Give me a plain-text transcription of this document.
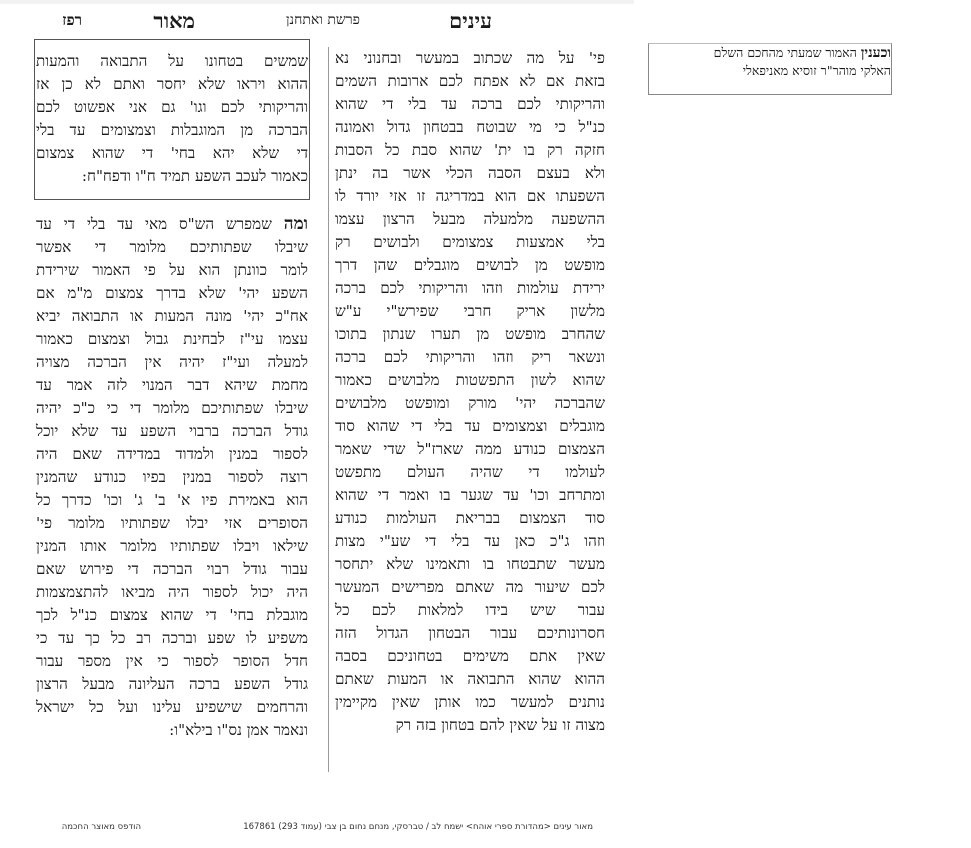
עינים
פרשת ואתחנן
מאור
רפז
פי' על מה שכתוב במעשר ובחנוני נא
בזאת אם לא אפתח לכם ארובות השמים
והריקותי לכם ברכה עד בלי די שהוא
כנ"ל כי מי שבוטח בבטחון גדול ואמונה
חזקה רק בו ית' שהוא סבת כל הסבות
ולא בעצם הסבה הכלי אשר בה ינתן
השפעתו אם הוא במדריגה זו אזי יורד לו
ההשפעה מלמעלה מבעל הרצון עצמו
בלי אמצעות צמצומים ולבושים רק
מופשט מן לבושים מוגבלים שהן דרך
ירידת עולמות וזהו והריקותי לכם ברכה
מלשון אריק חרבי שפירש"י ע"ש
שהחרב מופשט מן תערו שנתון בתוכו
ונשאר ריק וזהו והריקותי לכם ברכה
שהוא לשון התפשטות מלבושים כאמור
שהברכה יהי' מורק ומופשט מלבושים
מוגבלים וצמצומים עד בלי די שהוא סוד
הצמצום כנודע ממה שארז"ל שדי שאמר
לעולמו די שהיה העולם מתפשט
ומתרחב וכו' עד שגער בו ואמר די שהוא
סוד הצמצום בבריאת העולמות כנודע
וזהו ג"כ כאן עד בלי די שע"י מצות
מעשר שתבטחו בו ותאמינו שלא יתחסר
לכם שיעור מה שאתם מפרישים המעשר
עבור שיש בידו למלאות לכם כל
חסרונותיכם עבור הבטחון הגדול הזה
שאין אתם משימים בטחוניכם בסבה
ההוא שהוא התבואה או המעות שאתם
נותנים למעשר כמו אותן שאין מקיימין
מצוה זו על שאין להם בטחון בזה רק
שמשים בטחונו על התבואה והמעות
ההוא ויראו שלא יחסר ואתם לא כן אז
והריקותי לכם וגו' גם אני אפשוט לכם
הברכה מן המוגבלות וצמצומים עד בלי
די שלא יהא בחי' די שהוא צמצום
כאמור לעכב השפע תמיד ח"ו ודפח"ח:
ומה שמפרש הש"ס מאי עד בלי די עד
שיבלו שפתותיכם מלומר די אפשר
לומר כוונתן הוא על פי האמור שירידת
השפע יהי' שלא בדרך צמצום מ"מ אם
אח"כ יהי' מונה המעות או התבואה יביא
עצמו עי"ז לבחינת גבול וצמצום כאמור
למעלה ועי"ז יהיה אין הברכה מצויה
מחמת שיהא דבר המנוי לזה אמר עד
שיבלו שפתותיכם מלומר די כי כ"כ יהיה
גודל הברכה ברבוי השפע עד שלא יוכל
לספור במנין ולמדוד במדידה שאם היה
רוצה לספור במנין בפיו כנודע שהמנין
הוא באמירת פיו א' ב' ג' וכו' כדרך כל
הסופרים אזי יבלו שפתותיו מלומר פי'
שילאו ויבלו שפתותיו מלומר אותו המנין
עבור גודל רבוי הברכה די פירוש שאם
היה יכול לספור היה מביאו להתצמצמות
מוגבלת בחי' די שהוא צמצום כנ"ל לכך
משפיע לו שפע וברכה רב כל כך עד כי
חדל הסופר לספור כי אין מספר עבור
גודל השפע ברכה העליונה מבעל הרצון
והרחמים שישפיע עלינו ועל כל ישראל
ונאמר אמן נס"ו בילא"ו:
וכענין האמור שמעתי מהחכם השלם
האלקי מוהר"ר זוסיא מאניפאלי
מאור עינים <מהדורת ספרי אוהח> ישמח לב / טברסקי, מנחם נחום בן צבי (עמוד 293) 167861
הודפס מאוצר החכמה
